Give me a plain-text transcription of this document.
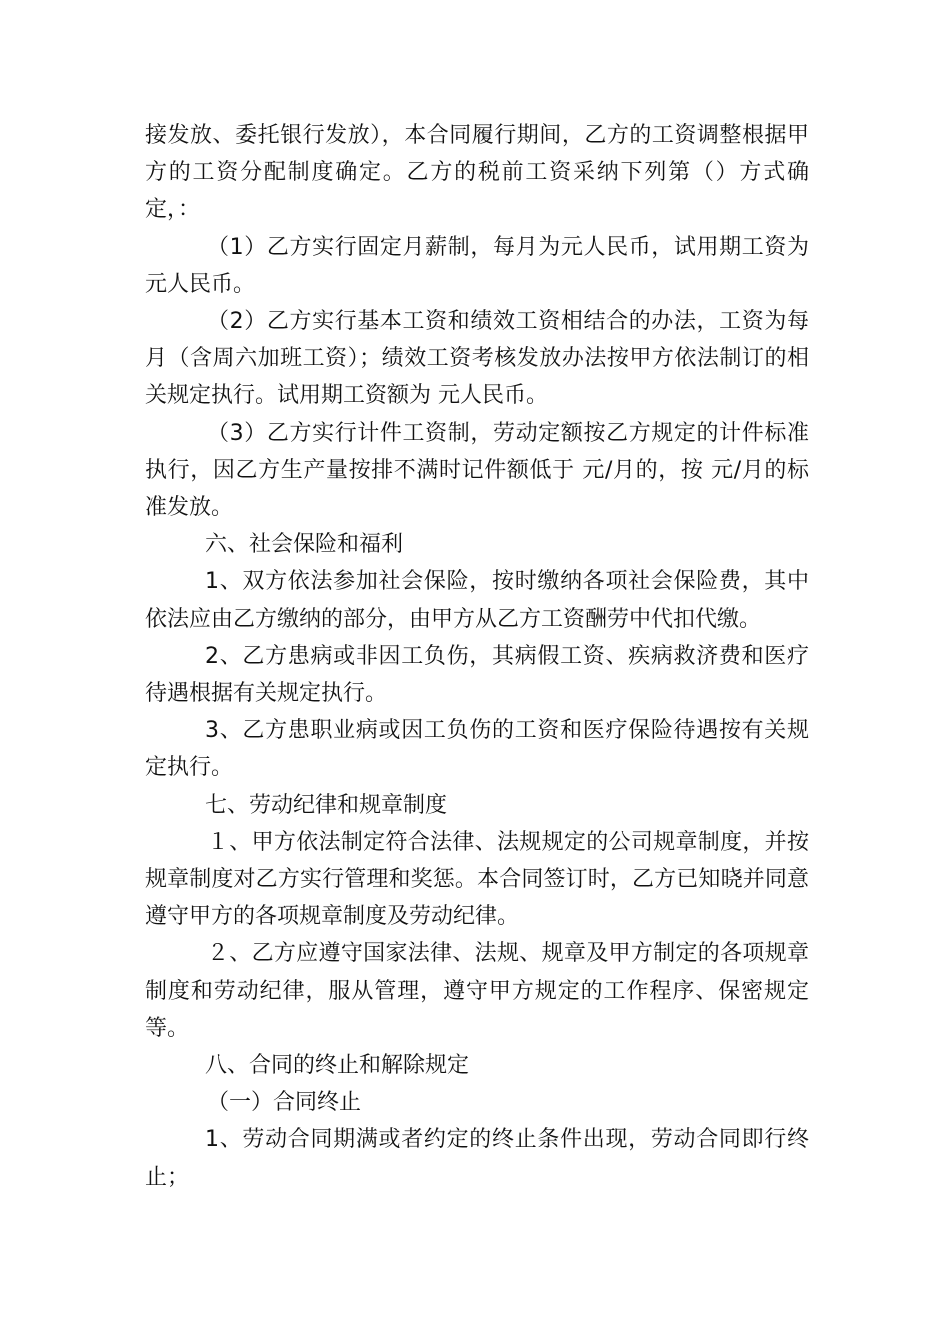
接发放、委托银行发放），本合同履行期间，乙方的工资调整根据甲方的工资分配制度确定。乙方的税前工资采纳下列第（）方式确定，：

（1）乙方实行固定月薪制，每月为元人民币，试用期工资为元人民币。

（2）乙方实行基本工资和绩效工资相结合的办法，工资为每月（含周六加班工资）；绩效工资考核发放办法按甲方依法制订的相关规定执行。试用期工资额为 元人民币。

（3）乙方实行计件工资制，劳动定额按乙方规定的计件标准执行，因乙方生产量按排不满时记件额低于 元/月的，按 元/月的标准发放。

六、社会保险和福利

1、双方依法参加社会保险，按时缴纳各项社会保险费，其中依法应由乙方缴纳的部分，由甲方从乙方工资酬劳中代扣代缴。

2、乙方患病或非因工负伤，其病假工资、疾病救济费和医疗待遇根据有关规定执行。

3、乙方患职业病或因工负伤的工资和医疗保险待遇按有关规定执行。

七、劳动纪律和规章制度

１、甲方依法制定符合法律、法规规定的公司规章制度，并按规章制度对乙方实行管理和奖惩。本合同签订时，乙方已知晓并同意遵守甲方的各项规章制度及劳动纪律。

２、乙方应遵守国家法律、法规、规章及甲方制定的各项规章制度和劳动纪律，服从管理，遵守甲方规定的工作程序、保密规定等。

八、合同的终止和解除规定

（一）合同终止

1、劳动合同期满或者约定的终止条件出现，劳动合同即行终止；
